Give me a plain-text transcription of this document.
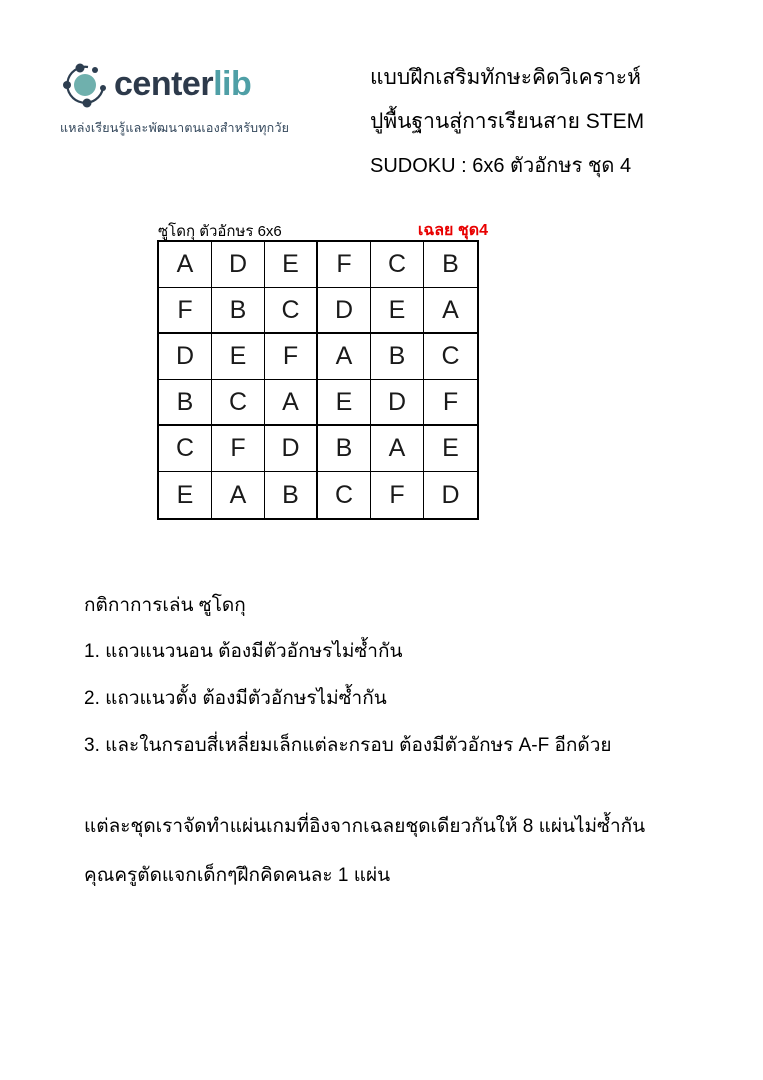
centerlib
แหล่งเรียนรู้และพัฒนาตนเองสำหรับทุกวัย
แบบฝึกเสริมทักษะคิดวิเคราะห์
ปูพื้นฐานสู่การเรียนสาย STEM
SUDOKU : 6x6 ตัวอักษร ชุด 4
ซูโดกุ ตัวอักษร 6x6	เฉลย ชุด4
A	D	E	F	C	B
F	B	C	D	E	A
D	E	F	A	B	C
B	C	A	E	D	F
C	F	D	B	A	E
E	A	B	C	F	D

กติกาการเล่น ซูโดกุ

1. แถวแนวนอน ต้องมีตัวอักษรไม่ซ้ำกัน

2. แถวแนวตั้ง ต้องมีตัวอักษรไม่ซ้ำกัน

3. และในกรอบสี่เหลี่ยมเล็กแต่ละกรอบ ต้องมีตัวอักษร A-F อีกด้วย

แต่ละชุดเราจัดทำแผ่นเกมที่อิงจากเฉลยชุดเดียวกันให้ 8 แผ่นไม่ซ้ำกัน

คุณครูตัดแจกเด็กๆฝึกคิดคนละ 1 แผ่น
